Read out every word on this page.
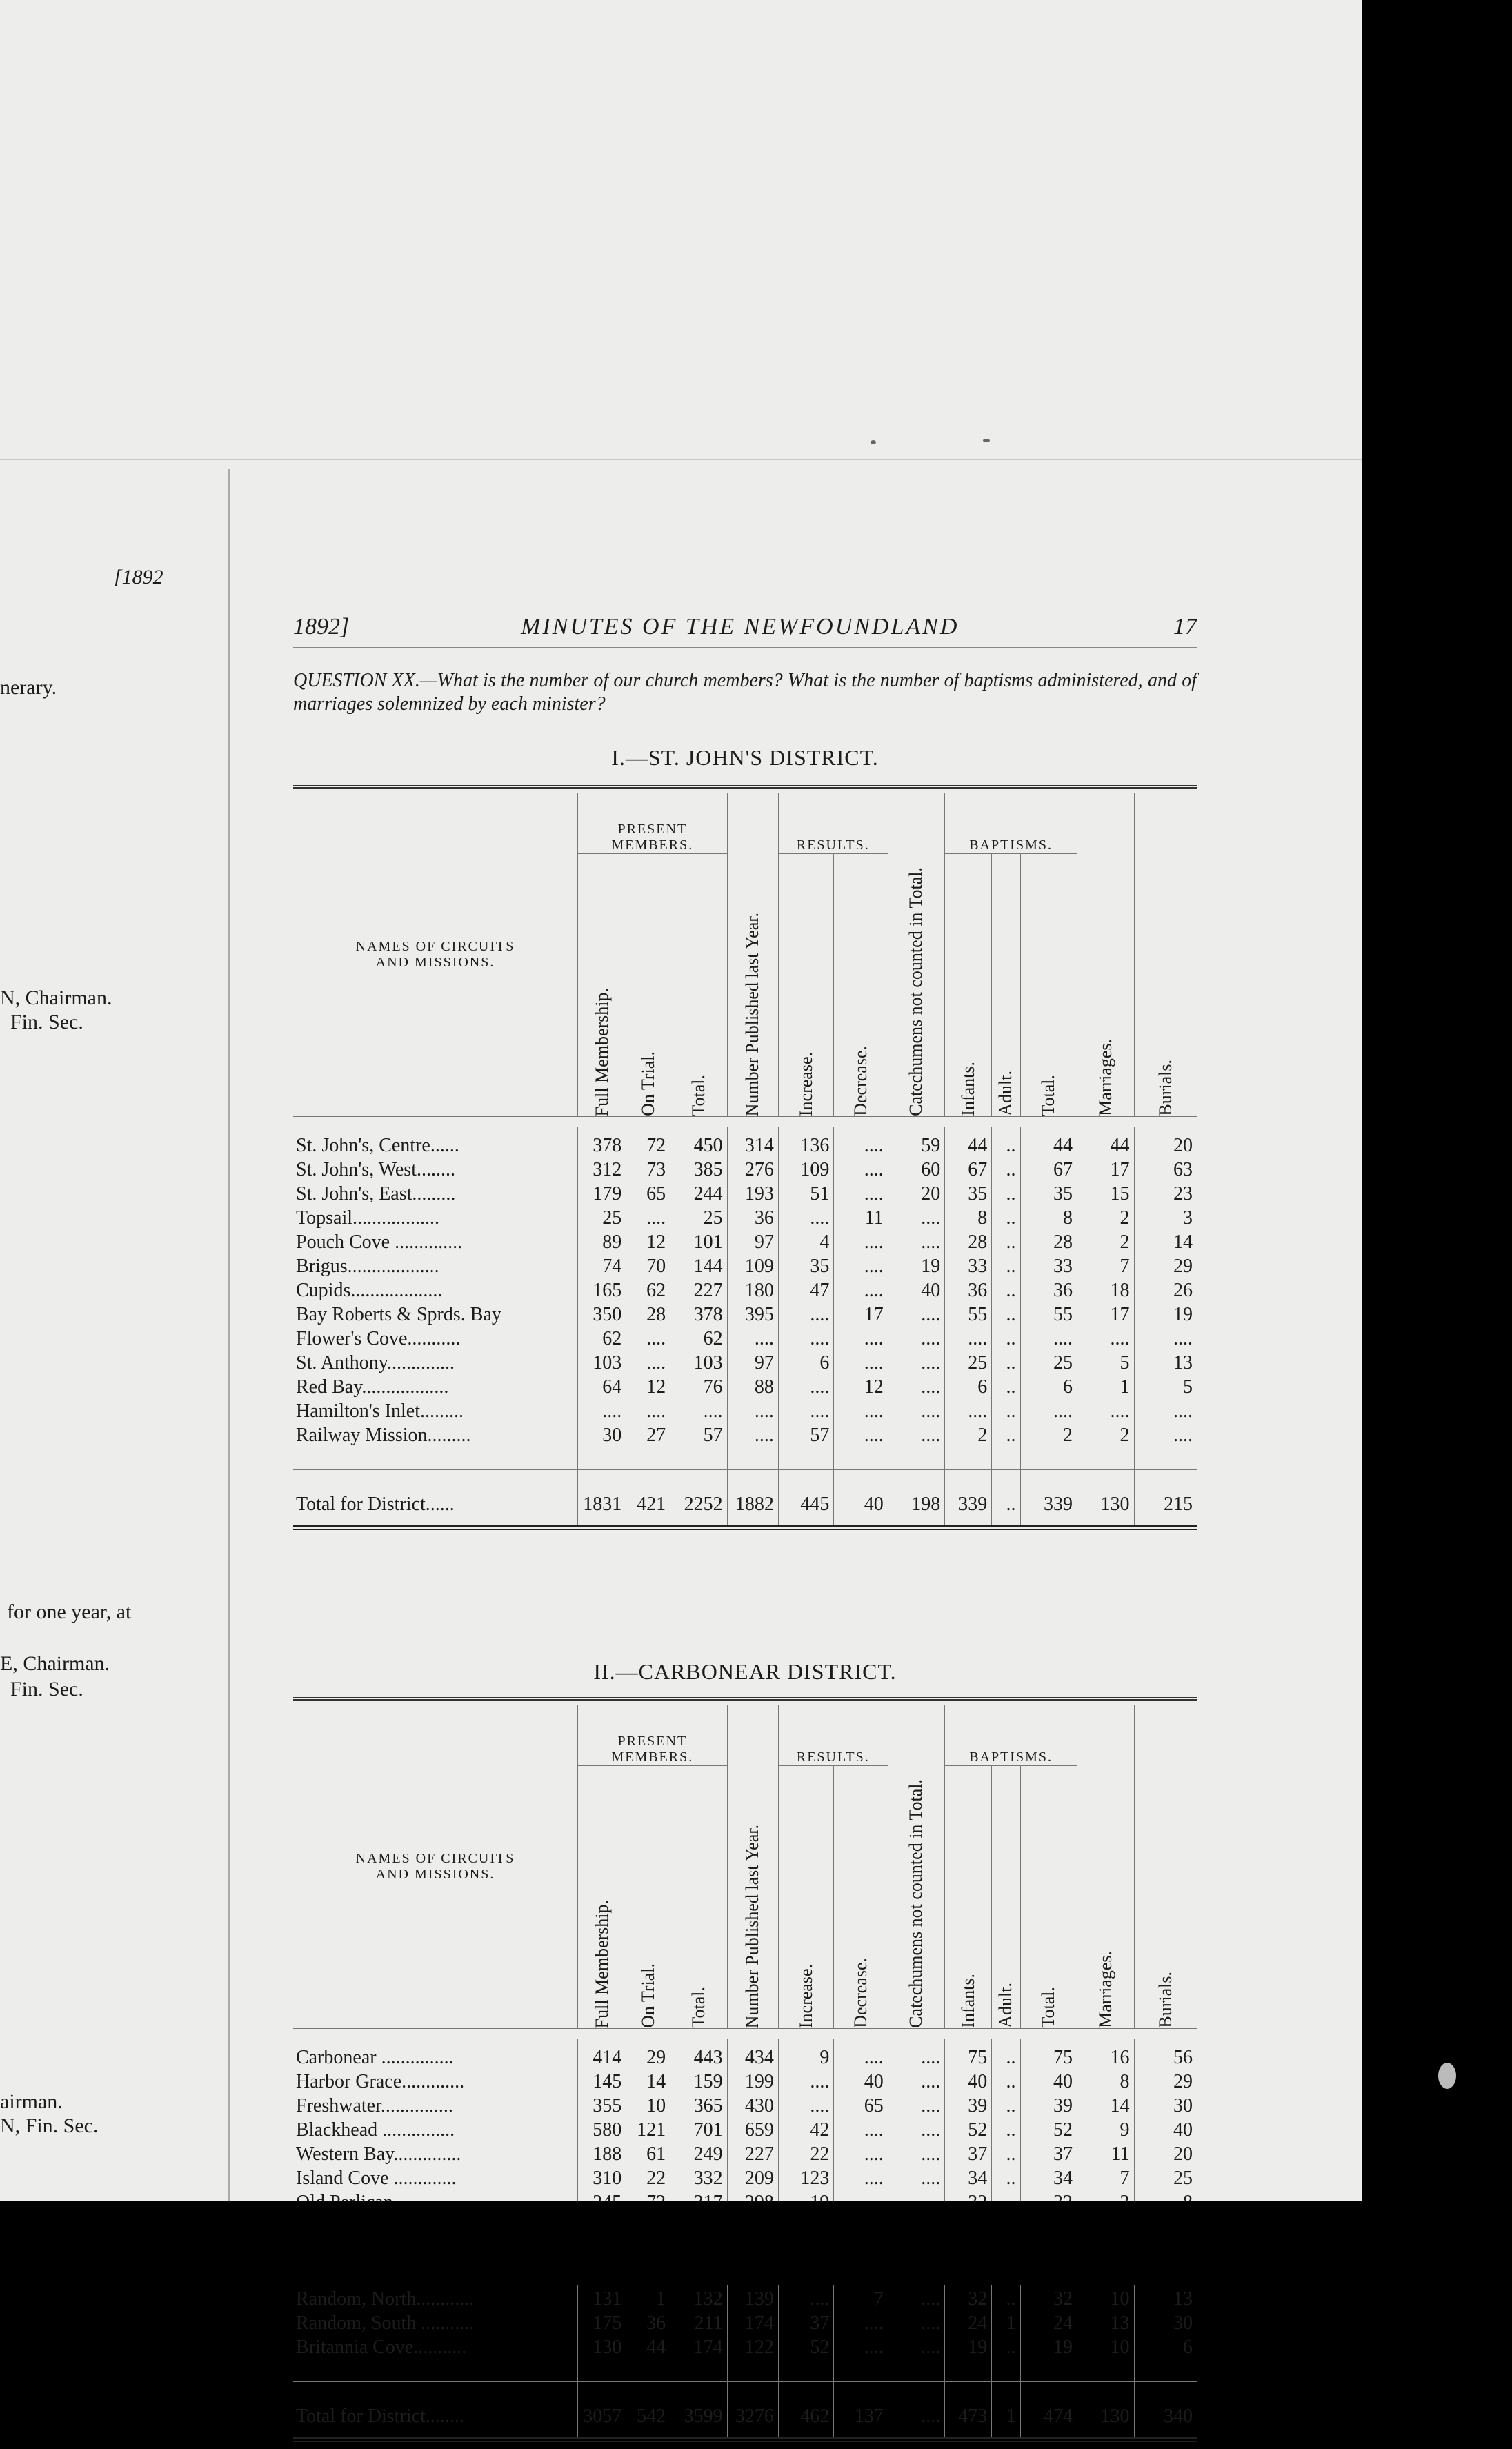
[1892
nerary.
N, Chairman.
Fin. Sec.
for one year, at
E, Chairman.
Fin. Sec.
airman.
N, Fin. Sec.
1892]	MINUTES OF THE NEWFOUNDLAND	17
QUESTION XX.—What is the number of our church members? What is the number of baptisms administered, and of marriages solemnized by each minister?
I.—ST. JOHN'S DISTRICT.

NAMES OF CIRCUITS AND MISSIONS.	PRESENT MEMBERS.			Number Published last Year.	RESULTS.		Catechumens not counted in Total.	BAPTISMS.			Marriages.	Burials.

	Full Membership.	On Trial.	Total.		Increase.	Decrease.		Infants.	Adult.	Total.		

St. John's, Centre......	378	72	450	314	136	....	59	44	..	44	44	20
St. John's, West........	312	73	385	276	109	....	60	67	..	67	17	63
St. John's, East.........	179	65	244	193	51	....	20	35	..	35	15	23
Topsail..................	25	....	25	36	....	11	....	8	..	8	2	3
Pouch Cove ..............	89	12	101	97	4	....	....	28	..	28	2	14
Brigus...................	74	70	144	109	35	....	19	33	..	33	7	29
Cupids...................	165	62	227	180	47	....	40	36	..	36	18	26
Bay Roberts & Sprds. Bay	350	28	378	395	....	17	....	55	..	55	17	19
Flower's Cove...........	62	....	62	....	....	....	....	....	..	....	....	....
St. Anthony..............	103	....	103	97	6	....	....	25	..	25	5	13
Red Bay..................	64	12	76	88	....	12	....	6	..	6	1	5
Hamilton's Inlet.........	....	....	....	....	....	....	....	....	..	....	....	....
Railway Mission.........	30	27	57	....	57	....	....	2	..	2	2	....

Total for District......	1831	421	2252	1882	445	40	198	339	..	339	130	215

II.—CARBONEAR DISTRICT.

NAMES OF CIRCUITS AND MISSIONS.	PRESENT MEMBERS.			Number Published last Year.	RESULTS.		Catechumens not counted in Total.	BAPTISMS.			Marriages.	Burials.

	Full Membership.	On Trial.	Total.		Increase.	Decrease.		Infants.	Adult.	Total.		

Carbonear ...............	414	29	443	434	9	....	....	75	..	75	16	56
Harbor Grace.............	145	14	159	199	....	40	....	40	..	40	8	29
Freshwater...............	355	10	365	430	....	65	....	39	..	39	14	30
Blackhead ...............	580	121	701	659	42	....	....	52	..	52	9	40
Western Bay..............	188	61	249	227	22	....	....	37	..	37	11	20
Island Cove .............	310	22	332	209	123	....	....	34	..	34	7	25

Random, North............	131	1	132	139	....	7	....	32	..	32	10	13
Random, South ...........	175	36	211	174	37	....	....	24	1	24	13	30
Britannia Cove...........	130	44	174	122	52	....	....	19	..	19	10	6

Total for District........	3057	542	3599	3276	462	137	....	473	1	474	130	340
